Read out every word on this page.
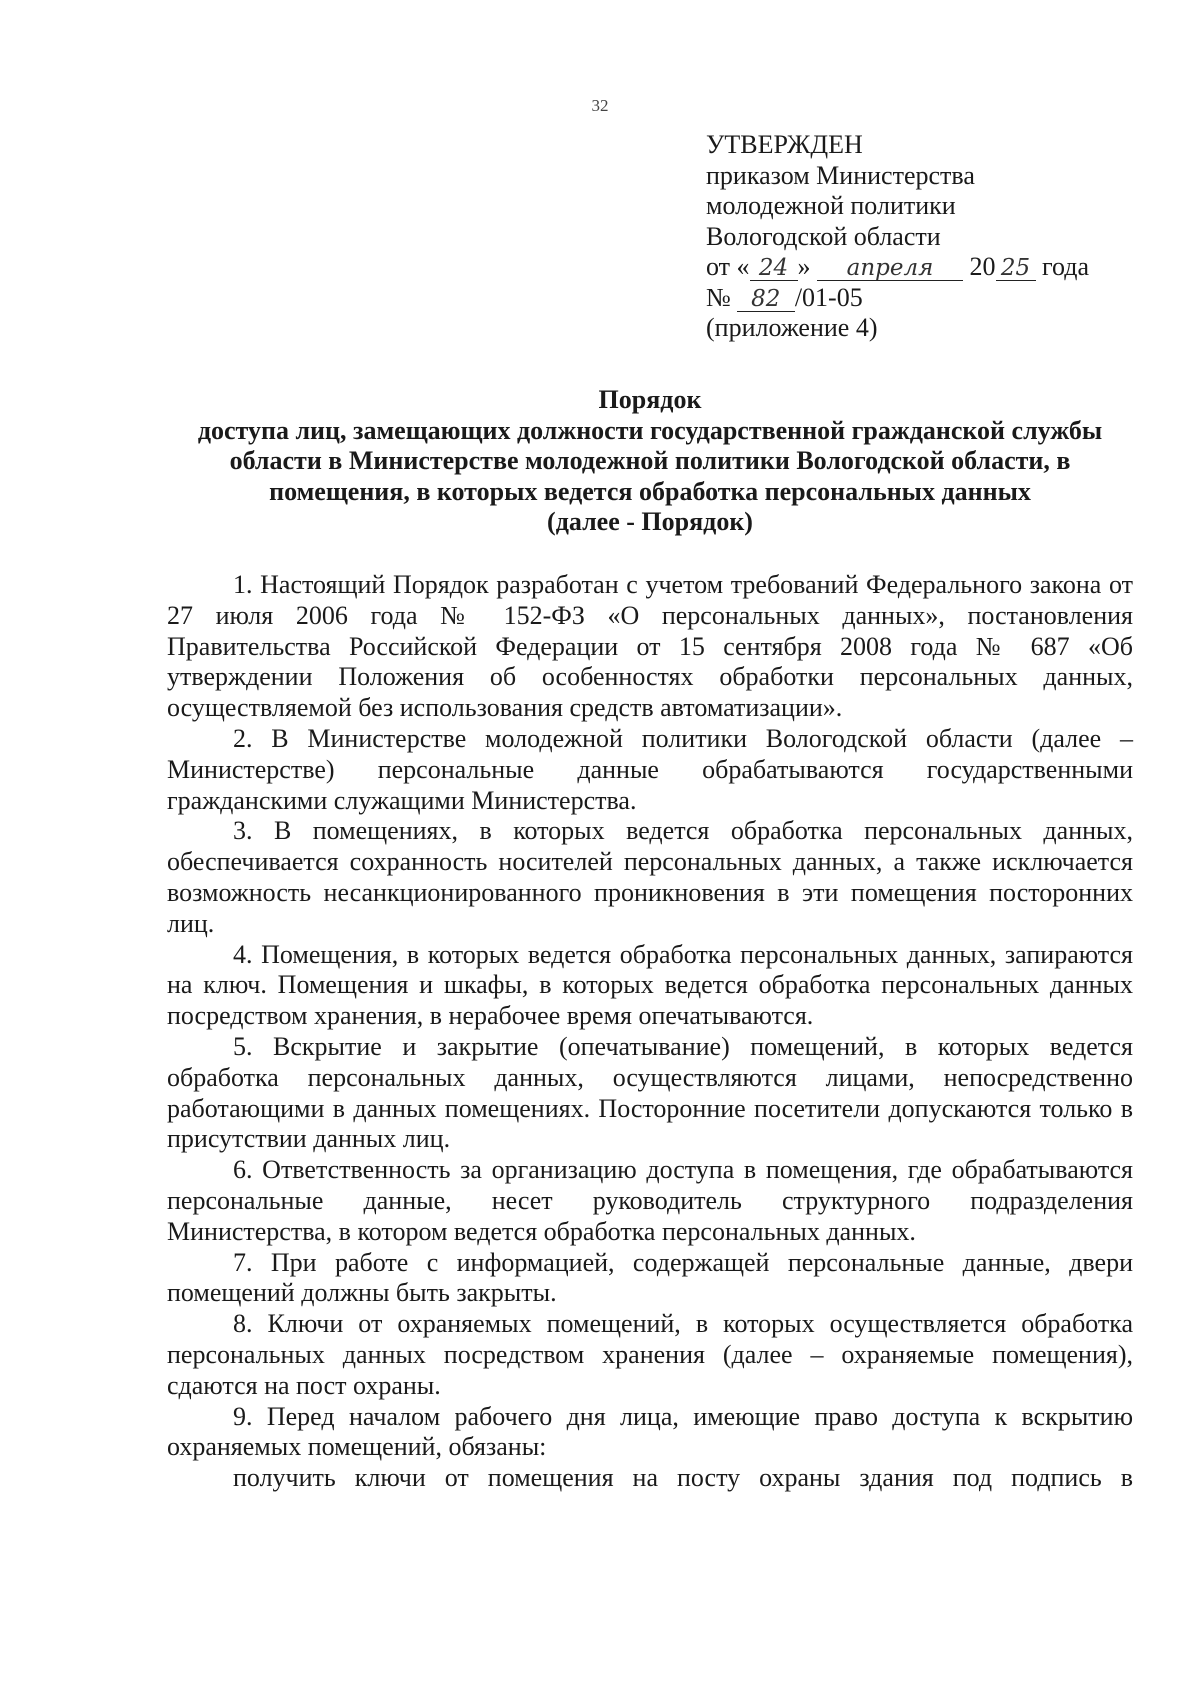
32
УТВЕРЖДЕН
приказом Министерства
молодежной политики
Вологодской области
от « 24 » апреля 20 25 года
№ 82 /01-05
(приложение 4)
Порядок
доступа лиц, замещающих должности государственной гражданской службы
области в Министерстве молодежной политики Вологодской области, в
помещения, в которых ведется обработка персональных данных
(далее - Порядок)

1. Настоящий Порядок разработан с учетом требований Федерального закона от 27 июля 2006 года № 152-ФЗ «О персональных данных», постановления Правительства Российской Федерации от 15 сентября 2008 года № 687 «Об утверждении Положения об особенностях обработки персональных данных, осуществляемой без использования средств автоматизации».

2. В Министерстве молодежной политики Вологодской области (далее – Министерстве) персональные данные обрабатываются государственными гражданскими служащими Министерства.

3. В помещениях, в которых ведется обработка персональных данных, обеспечивается сохранность носителей персональных данных, а также исключается возможность несанкционированного проникновения в эти помещения посторонних лиц.

4. Помещения, в которых ведется обработка персональных данных, запираются на ключ. Помещения и шкафы, в которых ведется обработка персональных данных посредством хранения, в нерабочее время опечатываются.

5. Вскрытие и закрытие (опечатывание) помещений, в которых ведется обработка персональных данных, осуществляются лицами, непосредственно работающими в данных помещениях. Посторонние посетители допускаются только в присутствии данных лиц.

6. Ответственность за организацию доступа в помещения, где обрабатываются персональные данные, несет руководитель структурного подразделения Министерства, в котором ведется обработка персональных данных.

7. При работе с информацией, содержащей персональные данные, двери помещений должны быть закрыты.

8. Ключи от охраняемых помещений, в которых осуществляется обработка персональных данных посредством хранения (далее – охраняемые помещения), сдаются на пост охраны.

9. Перед началом рабочего дня лица, имеющие право доступа к вскрытию охраняемых помещений, обязаны:

получить ключи от помещения на посту охраны здания под подпись в
